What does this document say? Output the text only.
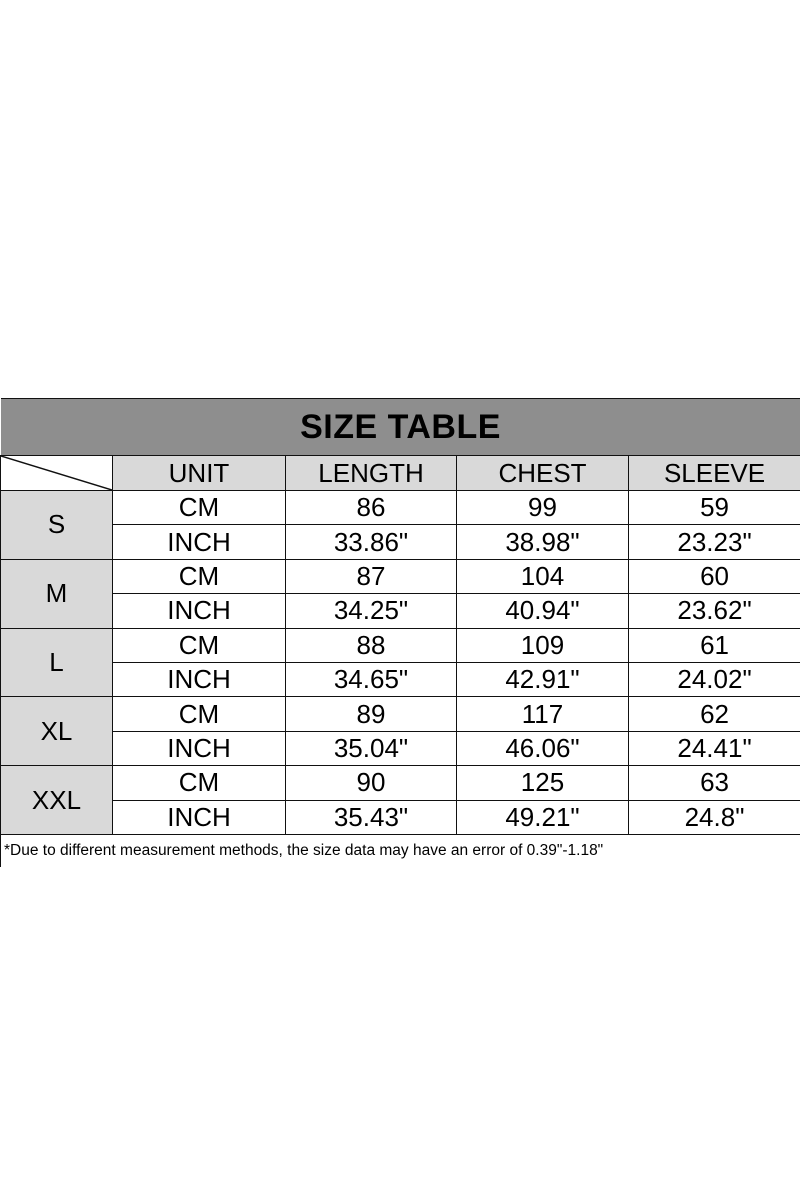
SIZE TABLE				

	UNIT	LENGTH	CHEST	SLEEVE
S	CM	86	99	59
	INCH	33.86"	38.98"	23.23"
M	CM	87	104	60
	INCH	34.25"	40.94"	23.62"
L	CM	88	109	61
	INCH	34.65"	42.91"	24.02"
XL	CM	89	117	62
	INCH	35.04"	46.06"	24.41"
XXL	CM	90	125	63
	INCH	35.43"	49.21"	24.8"
*Due to different measurement methods, the size data may have an error of 0.39"-1.18"				
